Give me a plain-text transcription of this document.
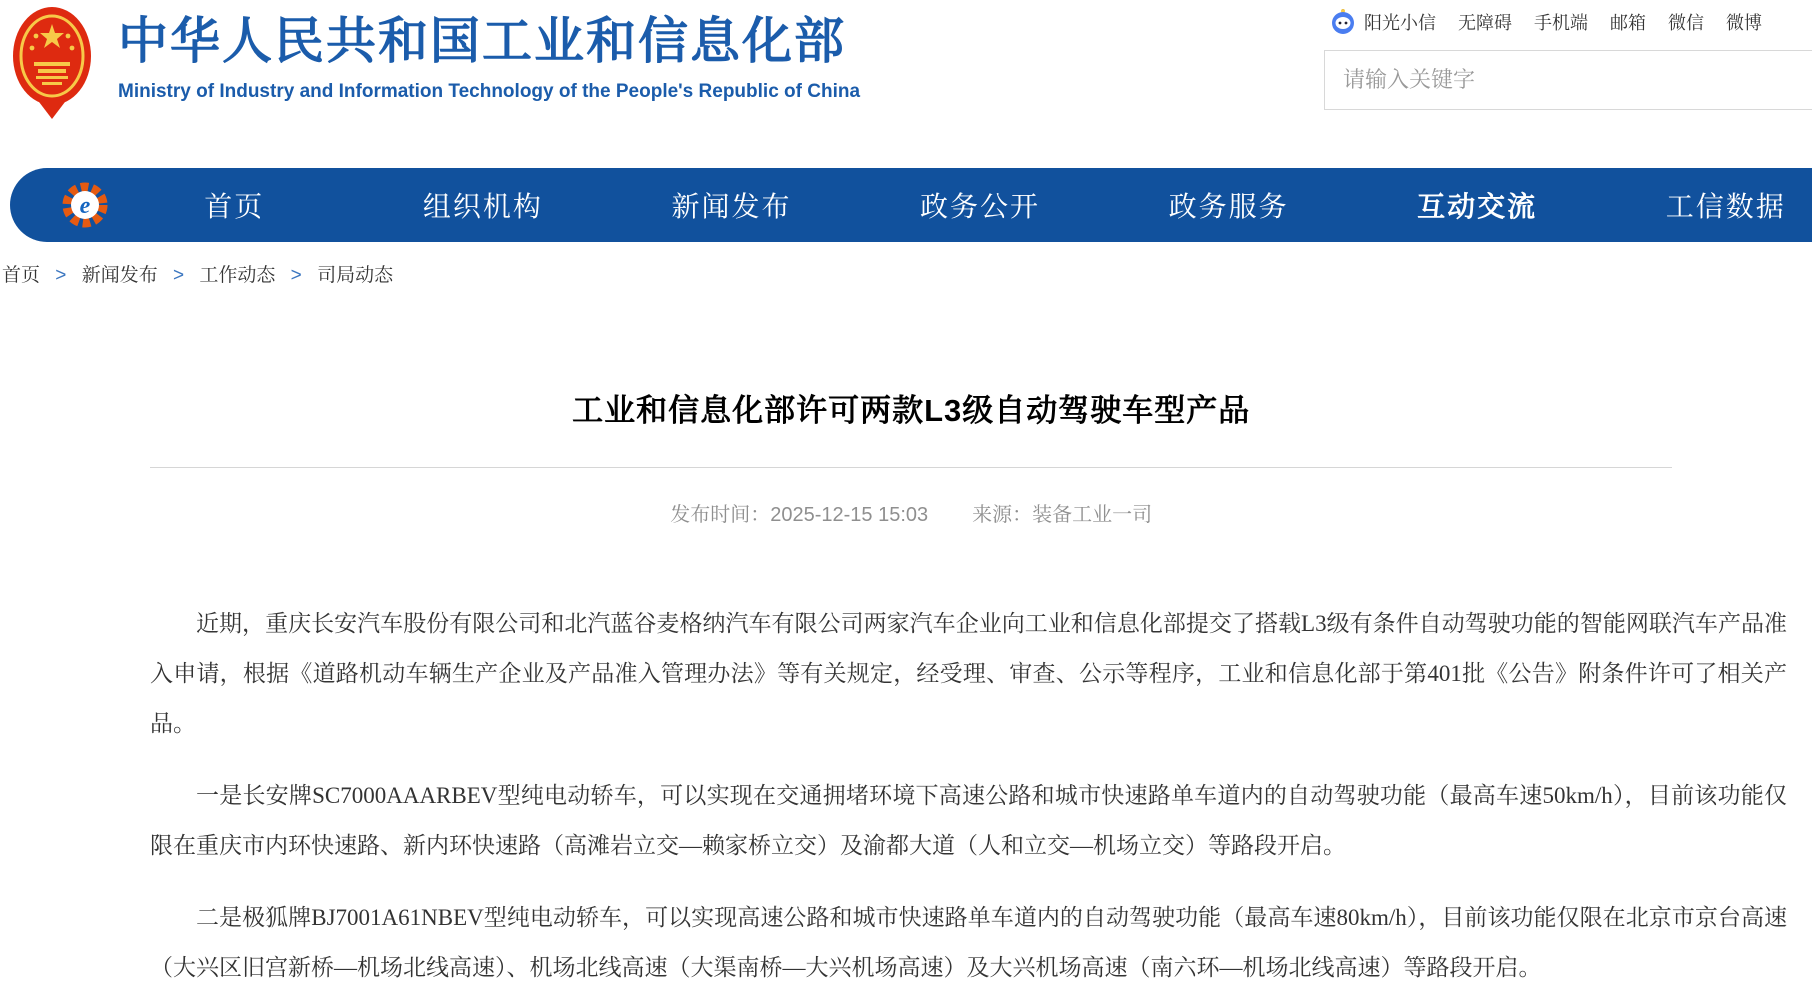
中华人民共和国工业和信息化部
Ministry of Industry and Information Technology of the People's Republic of China
阳光小信 无障碍 手机端 邮箱 微信 微博
请输入关键字
e	首页	组织机构	新闻发布	政务公开	政务服务	互动交流	工信数据
首页 > 新闻发布 > 工作动态 > 司局动态
工业和信息化部许可两款L3级自动驾驶车型产品
发布时间：2025-12-15 15:03 来源：装备工业一司

近期，重庆长安汽车股份有限公司和北汽蓝谷麦格纳汽车有限公司两家汽车企业向工业和信息化部提交了搭载L3级有条件自动驾驶功能的智能网联汽车产品准入申请，根据《道路机动车辆生产企业及产品准入管理办法》等有关规定，经受理、审查、公示等程序，工业和信息化部于第401批《公告》附条件许可了相关产品。

一是长安牌SC7000AAARBEV型纯电动轿车，可以实现在交通拥堵环境下高速公路和城市快速路单车道内的自动驾驶功能（最高车速50km/h），目前该功能仅限在重庆市内环快速路、新内环快速路（高滩岩立交—赖家桥立交）及渝都大道（人和立交—机场立交）等路段开启。

二是极狐牌BJ7001A61NBEV型纯电动轿车，可以实现高速公路和城市快速路单车道内的自动驾驶功能（最高车速80km/h），目前该功能仅限在北京市京台高速（大兴区旧宫新桥—机场北线高速）、机场北线高速（大渠南桥—大兴机场高速）及大兴机场高速（南六环—机场北线高速）等路段开启。
